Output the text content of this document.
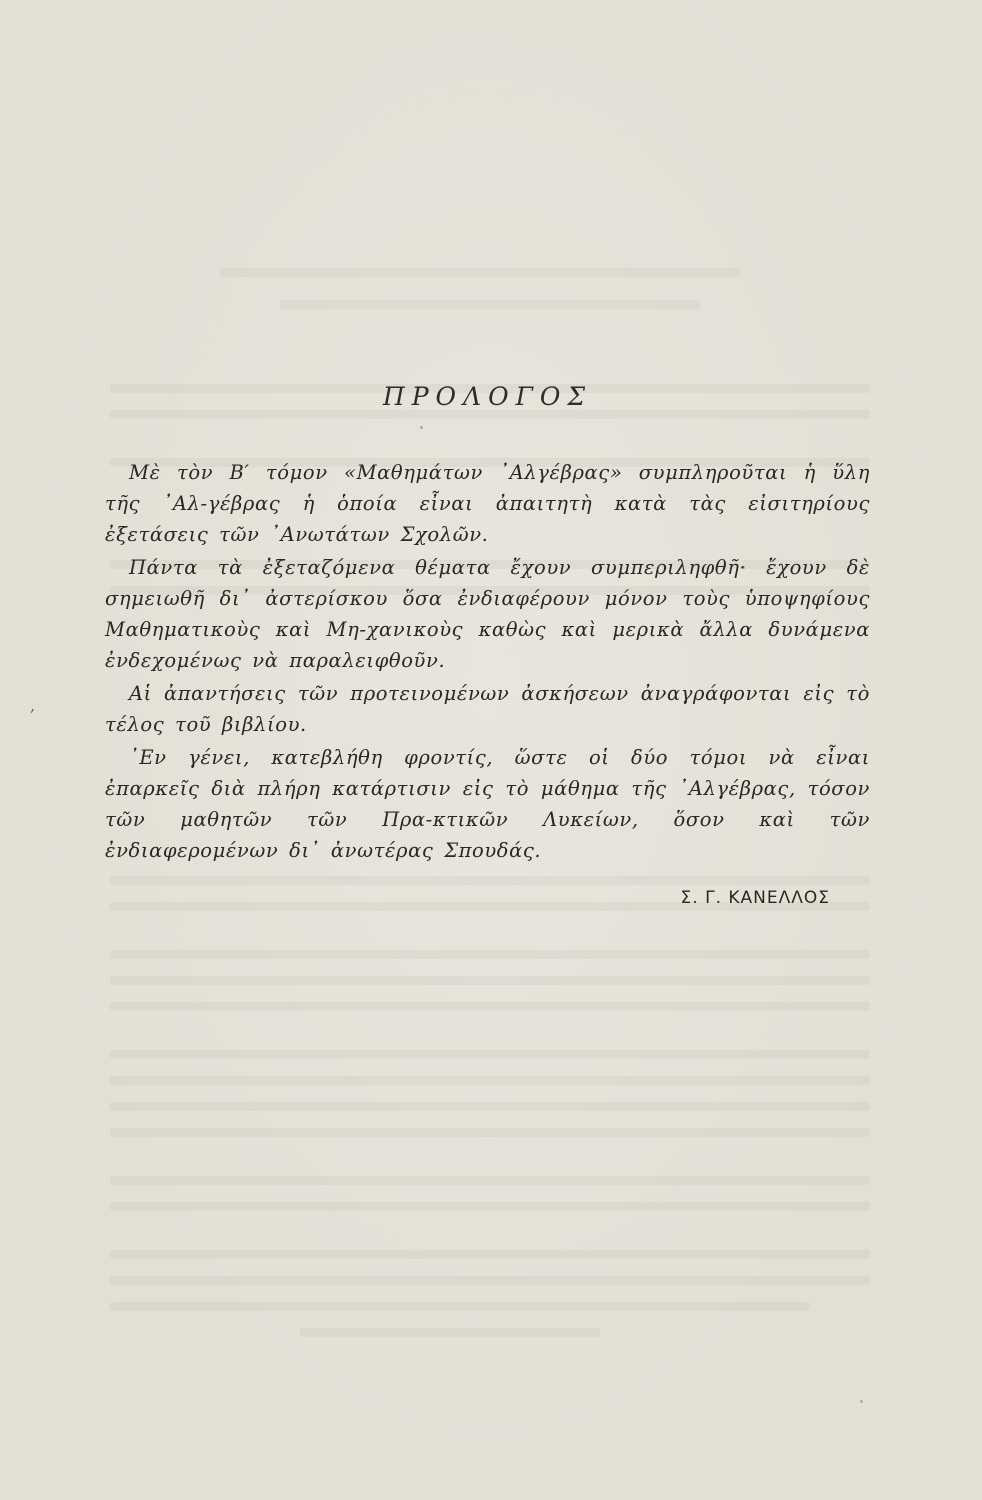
ΠΡΟΛΟΓΟΣ

Μὲ τὸν Β′ τόμον «Μαθημάτων ᾿Αλγέβρας» συμπληροῦται ἡ ὕλη τῆς ᾿Αλ-γέβρας ἡ ὁποία εἶναι ἀπαιτητὴ κατὰ τὰς εἰσιτηρίους ἐξετάσεις τῶν ᾿Ανωτάτων Σχολῶν.

Πάντα τὰ ἐξεταζόμενα θέματα ἔχουν συμπεριληφθῆ· ἔχουν δὲ σημειωθῆ δι᾿ ἀστερίσκου ὅσα ἐνδιαφέρουν μόνον τοὺς ὑποψηφίους Μαθηματικοὺς καὶ Μη-χανικοὺς καθὼς καὶ μερικὰ ἄλλα δυνάμενα ἐνδεχομένως νὰ παραλειφθοῦν.

Αἱ ἀπαντήσεις τῶν προτεινομένων ἀσκήσεων ἀναγράφονται εἰς τὸ τέλος τοῦ βιβλίου.

᾿Εν γένει, κατεβλήθη φροντίς, ὥστε οἱ δύο τόμοι νὰ εἶναι ἐπαρκεῖς διὰ πλήρη κατάρτισιν εἰς τὸ μάθημα τῆς ᾿Αλγέβρας, τόσον τῶν μαθητῶν τῶν Πρα-κτικῶν Λυκείων, ὅσον καὶ τῶν ἐνδιαφερομένων δι᾿ ἀνωτέρας Σπουδάς.

Σ. Γ. ΚΑΝΕΛΛΟΣ
,
